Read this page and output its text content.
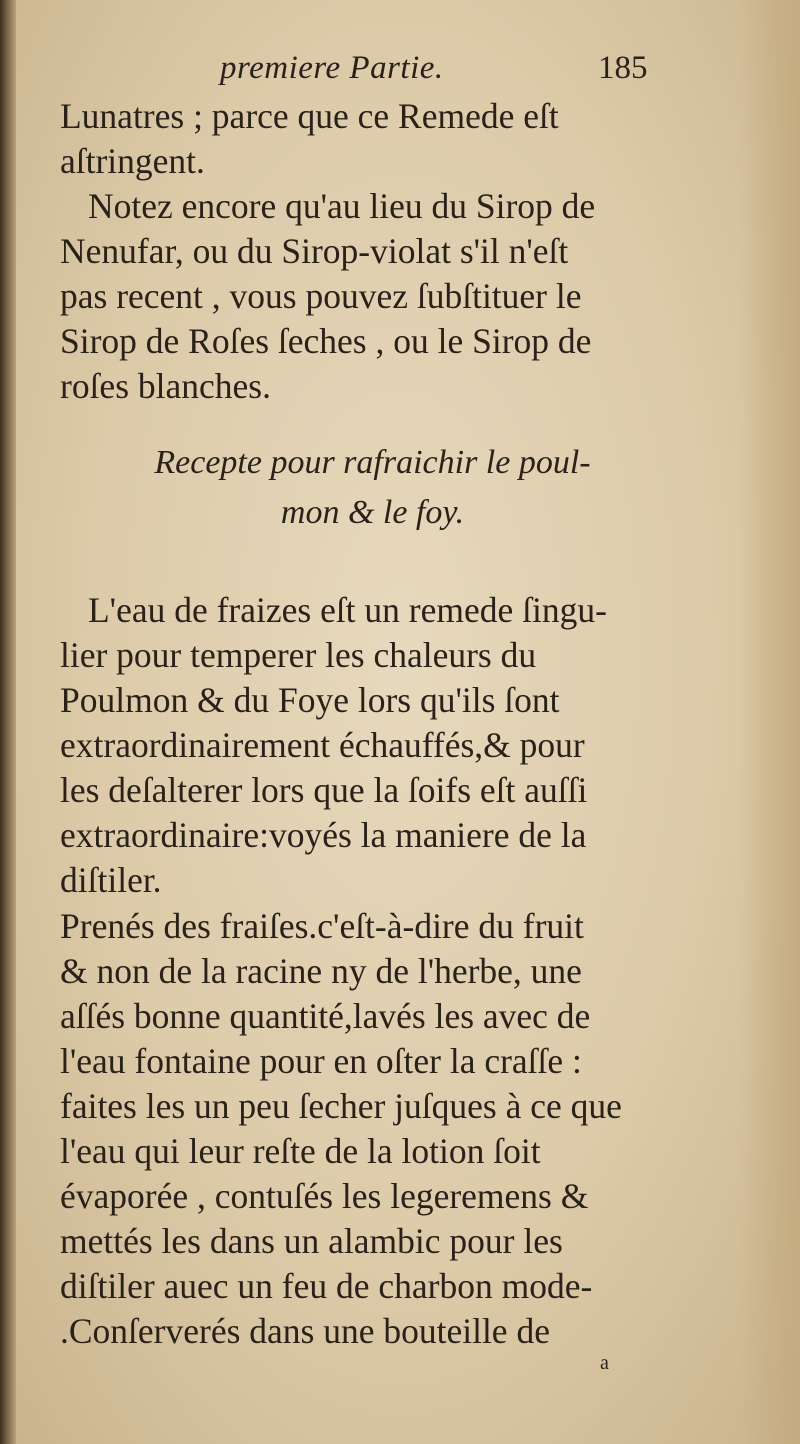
premiere Partie.	185
Lunatres ; parce que ce Remede eſt
aſtringent.
Notez encore qu'au lieu du Sirop de
Nenufar, ou du Sirop-violat s'il n'eſt
pas recent , vous pouvez ſubſtituer le
Sirop de Roſes ſeches , ou le Sirop de
roſes blanches.
Recepte pour rafraichir le poul-
mon & le foy.
L'eau de fraizes eſt un remede ſingu-
lier pour temperer les chaleurs du
Poulmon & du Foye lors qu'ils ſont
extraordinairement échauffés,& pour
les deſalterer lors que la ſoifs eſt auſſi
extraordinaire:voyés la maniere de la
diſtiler.
Prenés des fraiſes.c'eſt-à-dire du fruit
& non de la racine ny de l'herbe, une
aſſés bonne quantité,lavés les avec de
l'eau fontaine pour en oſter la craſſe :
faites les un peu ſecher juſques à ce que
l'eau qui leur reſte de la lotion ſoit
évaporée , contuſés les legeremens &
mettés les dans un alambic pour les
diſtiler auec un feu de charbon mode-
.Conſerverés dans une bouteille de
a
